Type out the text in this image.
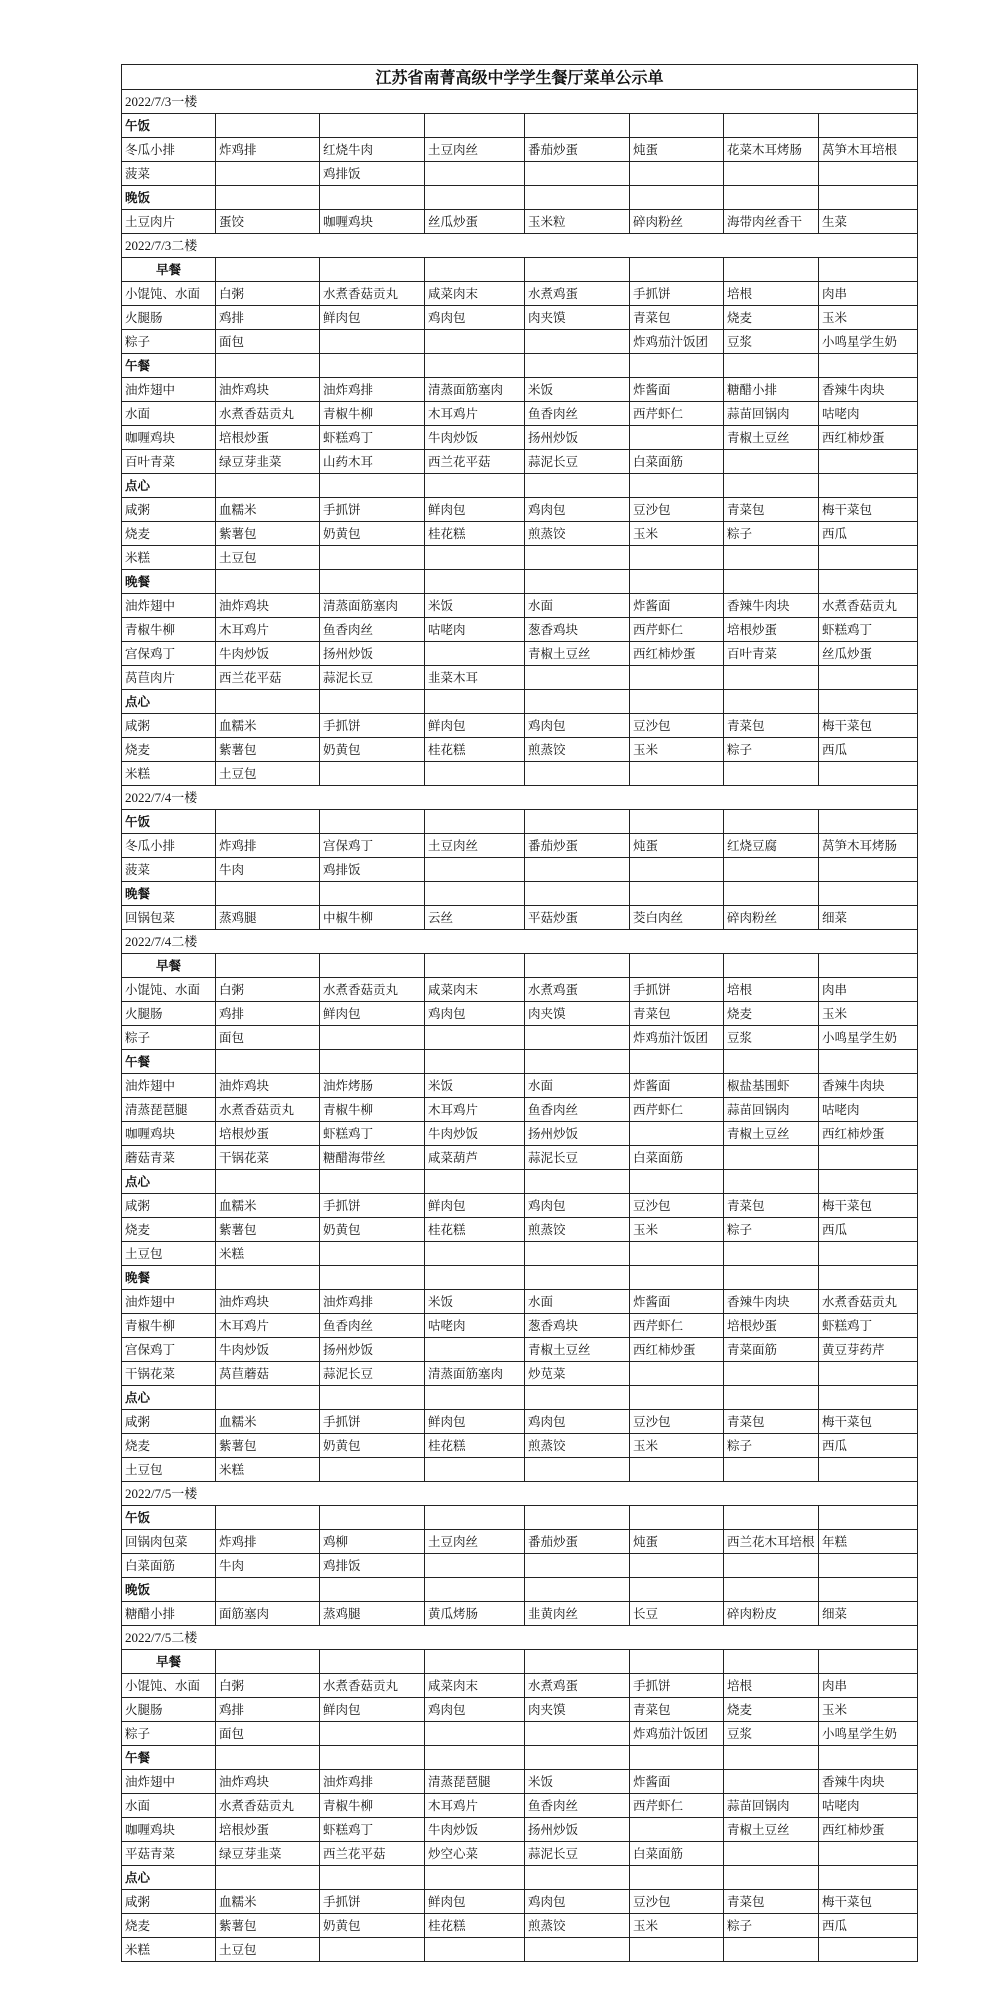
江苏省南菁高级中学学生餐厅菜单公示单							
2022/7/3一楼							
午饭							
冬瓜小排	炸鸡排	红烧牛肉	土豆肉丝	番茄炒蛋	炖蛋	花菜木耳烤肠	莴笋木耳培根
菠菜		鸡排饭					
晚饭							
土豆肉片	蛋饺	咖喱鸡块	丝瓜炒蛋	玉米粒	碎肉粉丝	海带肉丝香干	生菜
2022/7/3二楼							
早餐							
小馄饨、水面	白粥	水煮香菇贡丸	咸菜肉末	水煮鸡蛋	手抓饼	培根	肉串
火腿肠	鸡排	鲜肉包	鸡肉包	肉夹馍	青菜包	烧麦	玉米
粽子	面包				炸鸡茄汁饭团	豆浆	小鸣星学生奶
午餐							
油炸翅中	油炸鸡块	油炸鸡排	清蒸面筋塞肉	米饭	炸酱面	糖醋小排	香辣牛肉块
水面	水煮香菇贡丸	青椒牛柳	木耳鸡片	鱼香肉丝	西芹虾仁	蒜苗回锅肉	咕咾肉
咖喱鸡块	培根炒蛋	虾糕鸡丁	牛肉炒饭	扬州炒饭		青椒土豆丝	西红柿炒蛋
百叶青菜	绿豆芽韭菜	山药木耳	西兰花平菇	蒜泥长豆	白菜面筋		
点心							
咸粥	血糯米	手抓饼	鲜肉包	鸡肉包	豆沙包	青菜包	梅干菜包
烧麦	紫薯包	奶黄包	桂花糕	煎蒸饺	玉米	粽子	西瓜
米糕	土豆包						
晚餐							
油炸翅中	油炸鸡块	清蒸面筋塞肉	米饭	水面	炸酱面	香辣牛肉块	水煮香菇贡丸
青椒牛柳	木耳鸡片	鱼香肉丝	咕咾肉	葱香鸡块	西芹虾仁	培根炒蛋	虾糕鸡丁
宫保鸡丁	牛肉炒饭	扬州炒饭		青椒土豆丝	西红柿炒蛋	百叶青菜	丝瓜炒蛋
莴苣肉片	西兰花平菇	蒜泥长豆	韭菜木耳				
点心							
咸粥	血糯米	手抓饼	鲜肉包	鸡肉包	豆沙包	青菜包	梅干菜包
烧麦	紫薯包	奶黄包	桂花糕	煎蒸饺	玉米	粽子	西瓜
米糕	土豆包						
2022/7/4一楼							
午饭							
冬瓜小排	炸鸡排	宫保鸡丁	土豆肉丝	番茄炒蛋	炖蛋	红烧豆腐	莴笋木耳烤肠
菠菜	牛肉	鸡排饭					
晚餐							
回锅包菜	蒸鸡腿	中椒牛柳	云丝	平菇炒蛋	茭白肉丝	碎肉粉丝	细菜
2022/7/4二楼							
早餐							
小馄饨、水面	白粥	水煮香菇贡丸	咸菜肉末	水煮鸡蛋	手抓饼	培根	肉串
火腿肠	鸡排	鲜肉包	鸡肉包	肉夹馍	青菜包	烧麦	玉米
粽子	面包				炸鸡茄汁饭团	豆浆	小鸣星学生奶
午餐							
油炸翅中	油炸鸡块	油炸烤肠	米饭	水面	炸酱面	椒盐基围虾	香辣牛肉块
清蒸琵琶腿	水煮香菇贡丸	青椒牛柳	木耳鸡片	鱼香肉丝	西芹虾仁	蒜苗回锅肉	咕咾肉
咖喱鸡块	培根炒蛋	虾糕鸡丁	牛肉炒饭	扬州炒饭		青椒土豆丝	西红柿炒蛋
蘑菇青菜	干锅花菜	糖醋海带丝	咸菜葫芦	蒜泥长豆	白菜面筋		
点心							
咸粥	血糯米	手抓饼	鲜肉包	鸡肉包	豆沙包	青菜包	梅干菜包
烧麦	紫薯包	奶黄包	桂花糕	煎蒸饺	玉米	粽子	西瓜
土豆包	米糕						
晚餐							
油炸翅中	油炸鸡块	油炸鸡排	米饭	水面	炸酱面	香辣牛肉块	水煮香菇贡丸
青椒牛柳	木耳鸡片	鱼香肉丝	咕咾肉	葱香鸡块	西芹虾仁	培根炒蛋	虾糕鸡丁
宫保鸡丁	牛肉炒饭	扬州炒饭		青椒土豆丝	西红柿炒蛋	青菜面筋	黄豆芽药芹
干锅花菜	莴苣蘑菇	蒜泥长豆	清蒸面筋塞肉	炒苋菜			
点心							
咸粥	血糯米	手抓饼	鲜肉包	鸡肉包	豆沙包	青菜包	梅干菜包
烧麦	紫薯包	奶黄包	桂花糕	煎蒸饺	玉米	粽子	西瓜
土豆包	米糕						
2022/7/5一楼							
午饭							
回锅肉包菜	炸鸡排	鸡柳	土豆肉丝	番茄炒蛋	炖蛋	西兰花木耳培根	年糕
白菜面筋	牛肉	鸡排饭					
晚饭							
糖醋小排	面筋塞肉	蒸鸡腿	黄瓜烤肠	韭黄肉丝	长豆	碎肉粉皮	细菜
2022/7/5二楼							
早餐							
小馄饨、水面	白粥	水煮香菇贡丸	咸菜肉末	水煮鸡蛋	手抓饼	培根	肉串
火腿肠	鸡排	鲜肉包	鸡肉包	肉夹馍	青菜包	烧麦	玉米
粽子	面包				炸鸡茄汁饭团	豆浆	小鸣星学生奶
午餐							
油炸翅中	油炸鸡块	油炸鸡排	清蒸琵琶腿	米饭	炸酱面		香辣牛肉块
水面	水煮香菇贡丸	青椒牛柳	木耳鸡片	鱼香肉丝	西芹虾仁	蒜苗回锅肉	咕咾肉
咖喱鸡块	培根炒蛋	虾糕鸡丁	牛肉炒饭	扬州炒饭		青椒土豆丝	西红柿炒蛋
平菇青菜	绿豆芽韭菜	西兰花平菇	炒空心菜	蒜泥长豆	白菜面筋		
点心							
咸粥	血糯米	手抓饼	鲜肉包	鸡肉包	豆沙包	青菜包	梅干菜包
烧麦	紫薯包	奶黄包	桂花糕	煎蒸饺	玉米	粽子	西瓜
米糕	土豆包						
